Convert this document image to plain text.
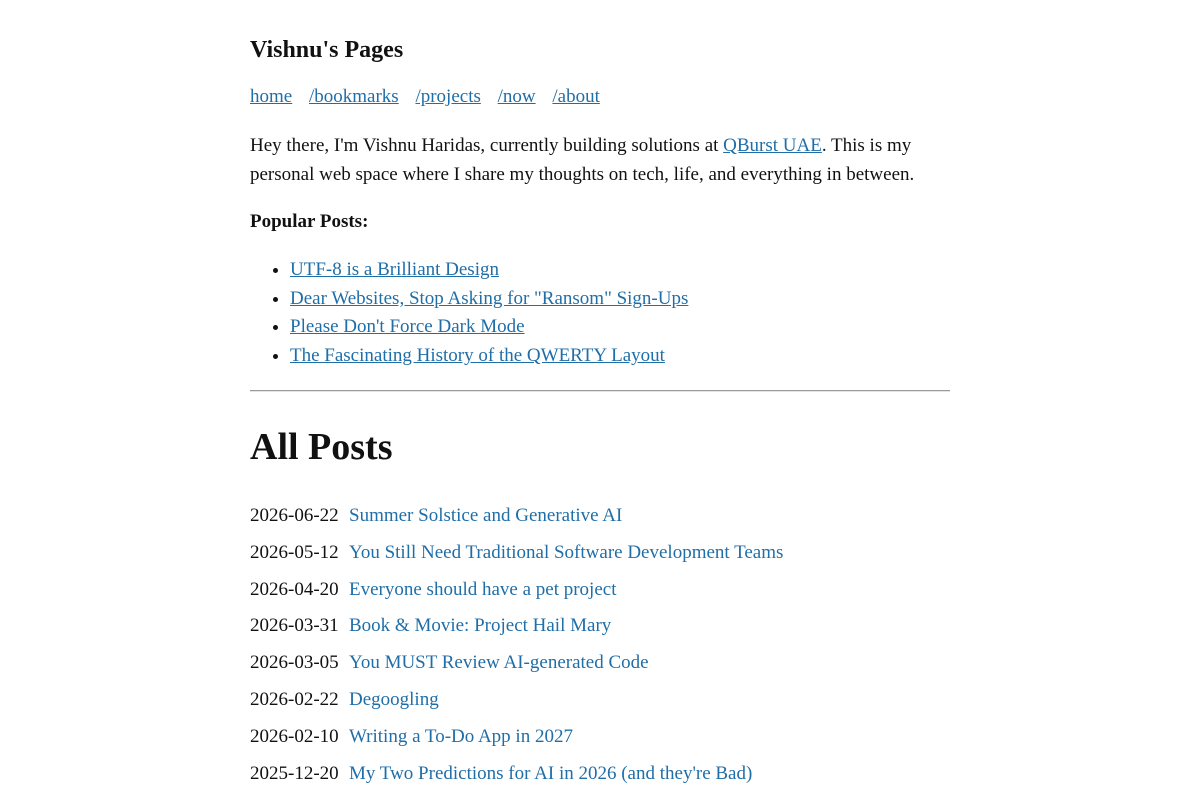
Vishnu's Pages
home /bookmarks /projects /now /about

Hey there, I'm Vishnu Haridas, currently building solutions at QBurst UAE. This is my personal web space where I share my thoughts on tech, life, and everything in between.

Popular Posts:
• UTF-8 is a Brilliant Design
• Dear Websites, Stop Asking for "Ransom" Sign-Ups
• Please Don't Force Dark Mode
• The Fascinating History of the QWERTY Layout
All Posts
2026-06-22 Summer Solstice and Generative AI
2026-05-12 You Still Need Traditional Software Development Teams
2026-04-20 Everyone should have a pet project
2026-03-31 Book & Movie: Project Hail Mary
2026-03-05 You MUST Review AI-generated Code
2026-02-22 Degoogling
2026-02-10 Writing a To-Do App in 2027
2025-12-20 My Two Predictions for AI in 2026 (and they're Bad)
